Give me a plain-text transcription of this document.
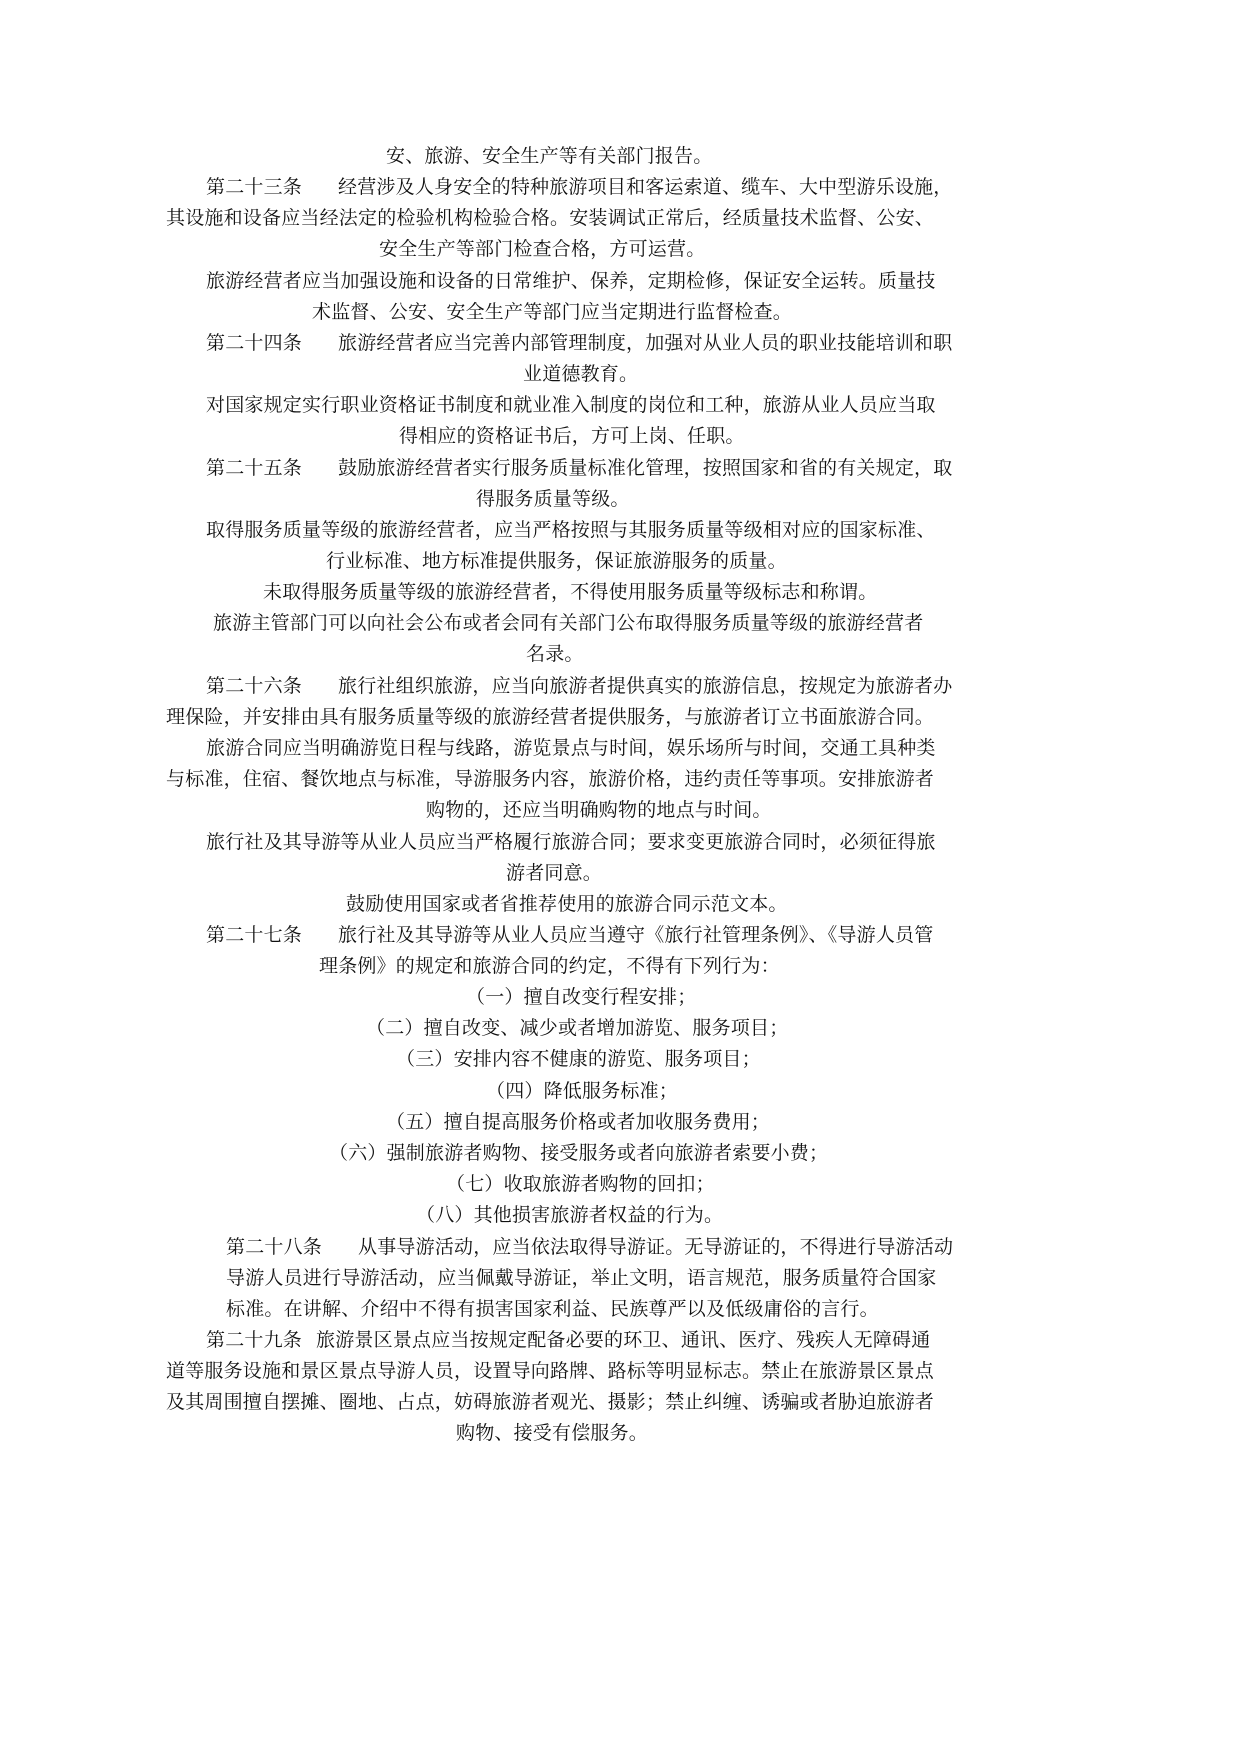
安、旅游、安全生产等有关部门报告。
第二十三条 经营涉及人身安全的特种旅游项目和客运索道、缆车、大中型游乐设施，
其设施和设备应当经法定的检验机构检验合格。安装调试正常后，经质量技术监督、公安、
安全生产等部门检查合格，方可运营。
旅游经营者应当加强设施和设备的日常维护、保养，定期检修，保证安全运转。质量技
术监督、公安、安全生产等部门应当定期进行监督检查。
第二十四条 旅游经营者应当完善内部管理制度，加强对从业人员的职业技能培训和职
业道德教育。
对国家规定实行职业资格证书制度和就业准入制度的岗位和工种，旅游从业人员应当取
得相应的资格证书后，方可上岗、任职。
第二十五条 鼓励旅游经营者实行服务质量标准化管理，按照国家和省的有关规定，取
得服务质量等级。
取得服务质量等级的旅游经营者，应当严格按照与其服务质量等级相对应的国家标准、
行业标准、地方标准提供服务，保证旅游服务的质量。
未取得服务质量等级的旅游经营者，不得使用服务质量等级标志和称谓。
旅游主管部门可以向社会公布或者会同有关部门公布取得服务质量等级的旅游经营者
名录。
第二十六条 旅行社组织旅游，应当向旅游者提供真实的旅游信息，按规定为旅游者办
理保险，并安排由具有服务质量等级的旅游经营者提供服务，与旅游者订立书面旅游合同。
旅游合同应当明确游览日程与线路，游览景点与时间，娱乐场所与时间，交通工具种类
与标准，住宿、餐饮地点与标准，导游服务内容，旅游价格，违约责任等事项。安排旅游者
购物的，还应当明确购物的地点与时间。
旅行社及其导游等从业人员应当严格履行旅游合同；要求变更旅游合同时，必须征得旅
游者同意。
鼓励使用国家或者省推荐使用的旅游合同示范文本。
第二十七条 旅行社及其导游等从业人员应当遵守《旅行社管理条例》、《导游人员管
理条例》的规定和旅游合同的约定，不得有下列行为：
（一）擅自改变行程安排；
（二）擅自改变、减少或者增加游览、服务项目；
（三）安排内容不健康的游览、服务项目；
（四）降低服务标准；
（五）擅自提高服务价格或者加收服务费用；
（六）强制旅游者购物、接受服务或者向旅游者索要小费；
（七）收取旅游者购物的回扣；
（八）其他损害旅游者权益的行为。
第二十八条 从事导游活动，应当依法取得导游证。无导游证的，不得进行导游活动
导游人员进行导游活动，应当佩戴导游证，举止文明，语言规范，服务质量符合国家
标准。在讲解、介绍中不得有损害国家利益、民族尊严以及低级庸俗的言行。
第二十九条 旅游景区景点应当按规定配备必要的环卫、通讯、医疗、残疾人无障碍通
道等服务设施和景区景点导游人员，设置导向路牌、路标等明显标志。禁止在旅游景区景点
及其周围擅自摆摊、圈地、占点，妨碍旅游者观光、摄影；禁止纠缠、诱骗或者胁迫旅游者
购物、接受有偿服务。
